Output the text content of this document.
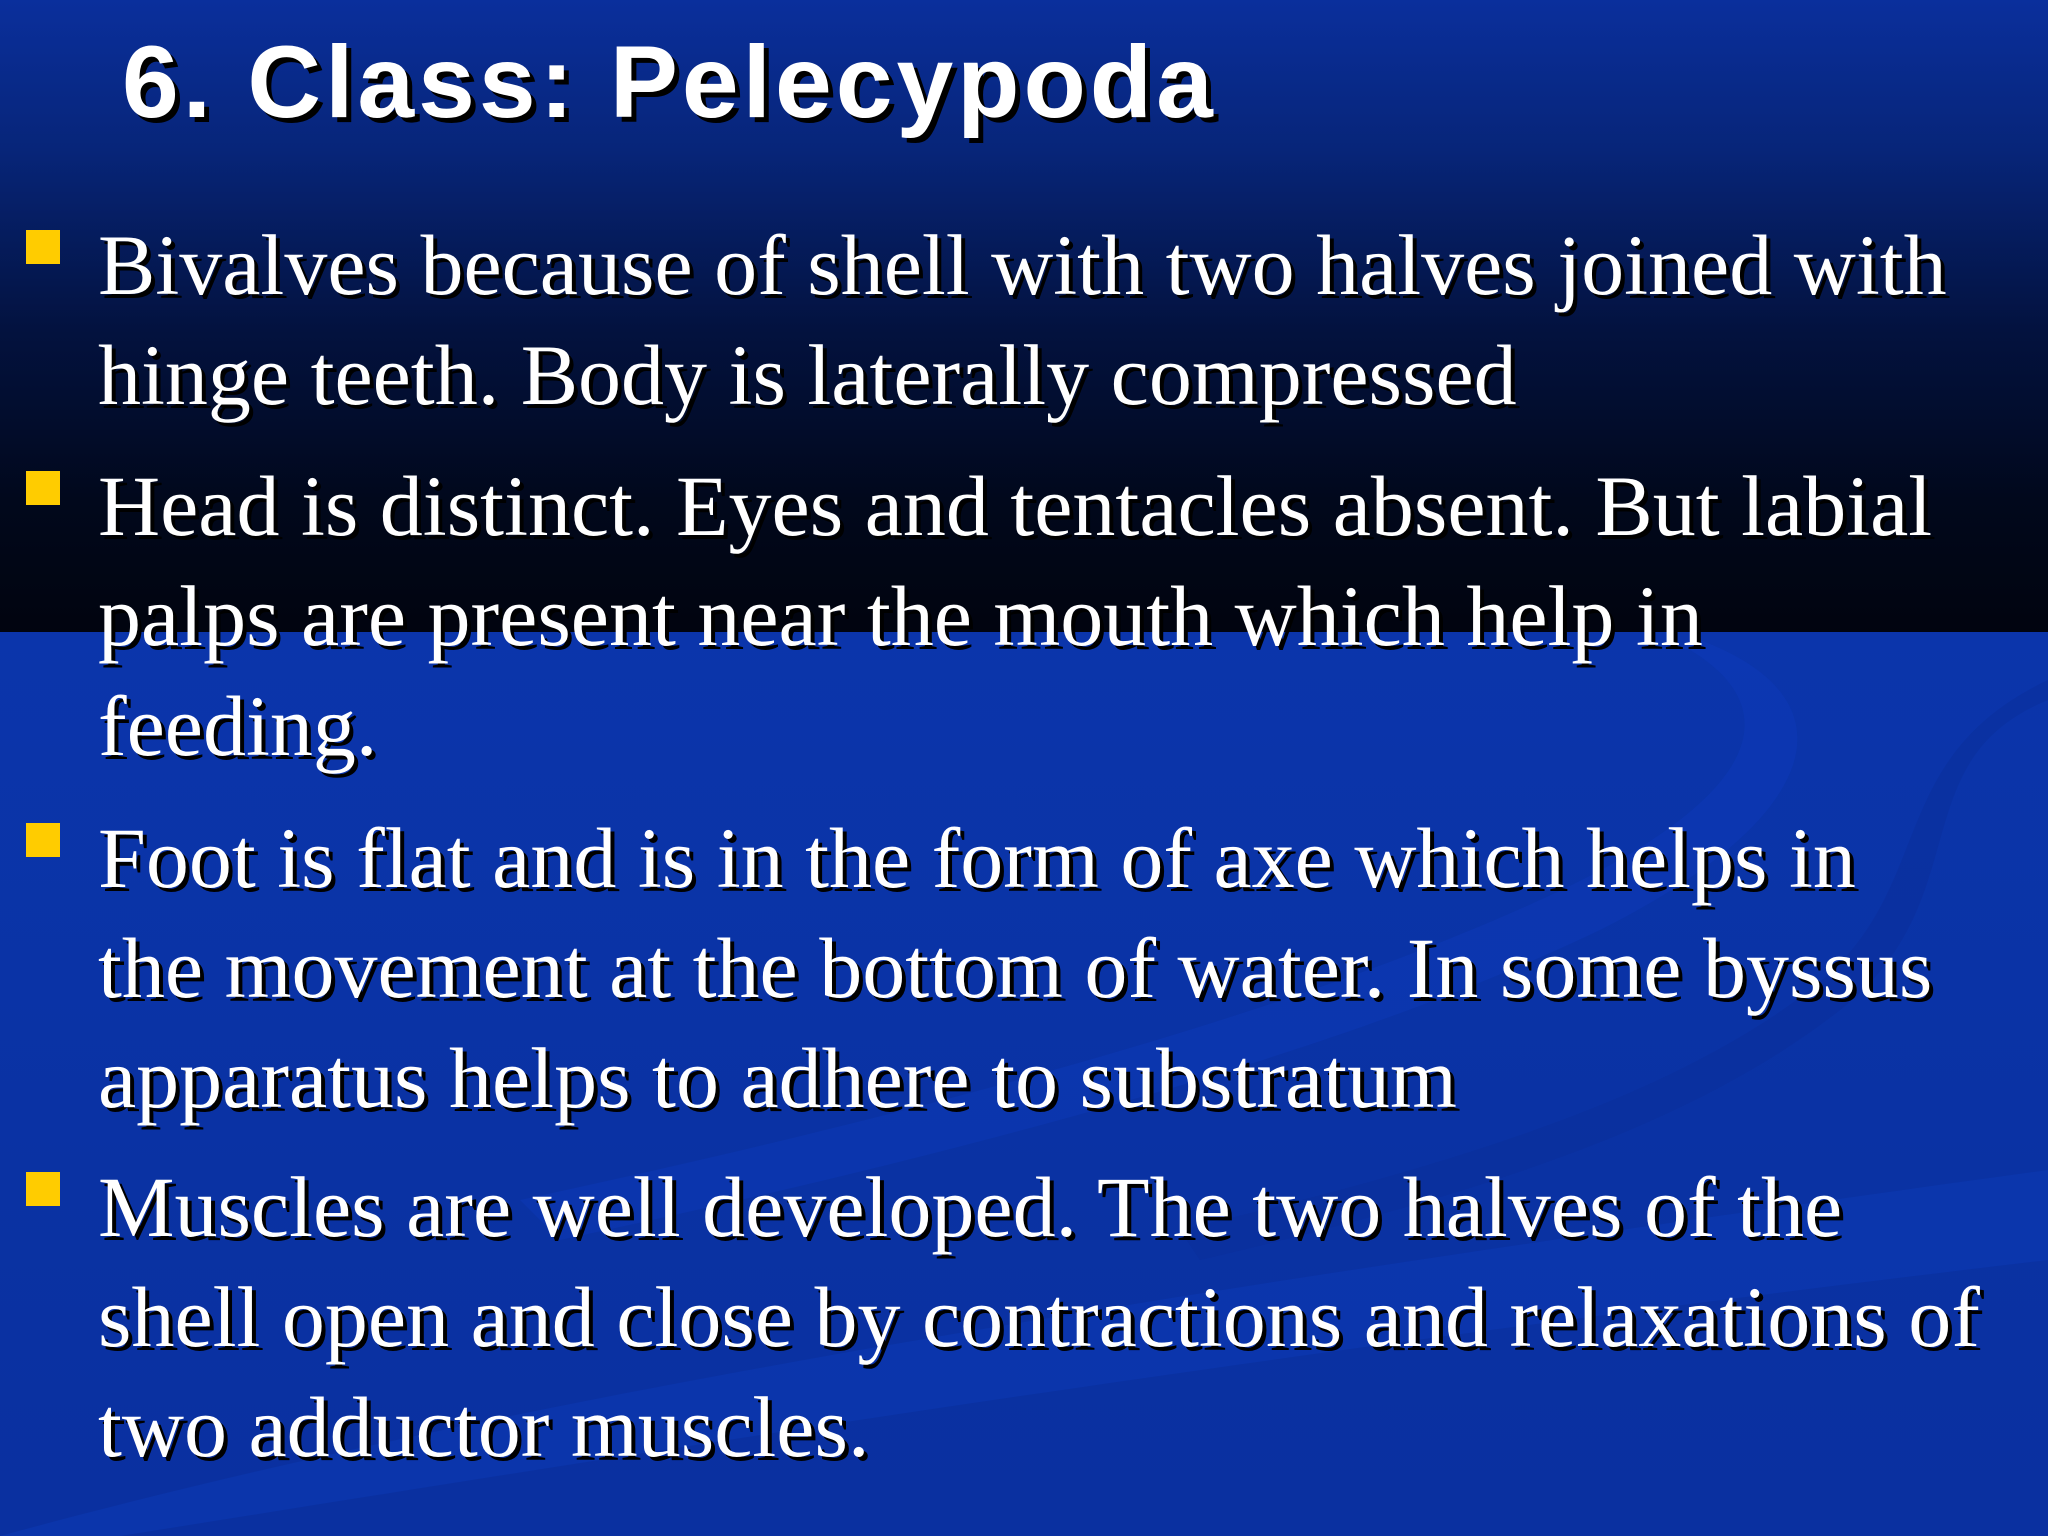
6. Class: Pelecypoda

Bivalves because of shell with two halves joined with
hinge teeth. Body is laterally compressed

Head is distinct. Eyes and tentacles absent. But labial
palps are present near the mouth which help in
feeding.

Foot is flat and is in the form of axe which helps in
the movement at the bottom of water. In some byssus
apparatus helps to adhere to substratum

Muscles are well developed. The two halves of the
shell open and close by contractions and relaxations of
two adductor muscles.
